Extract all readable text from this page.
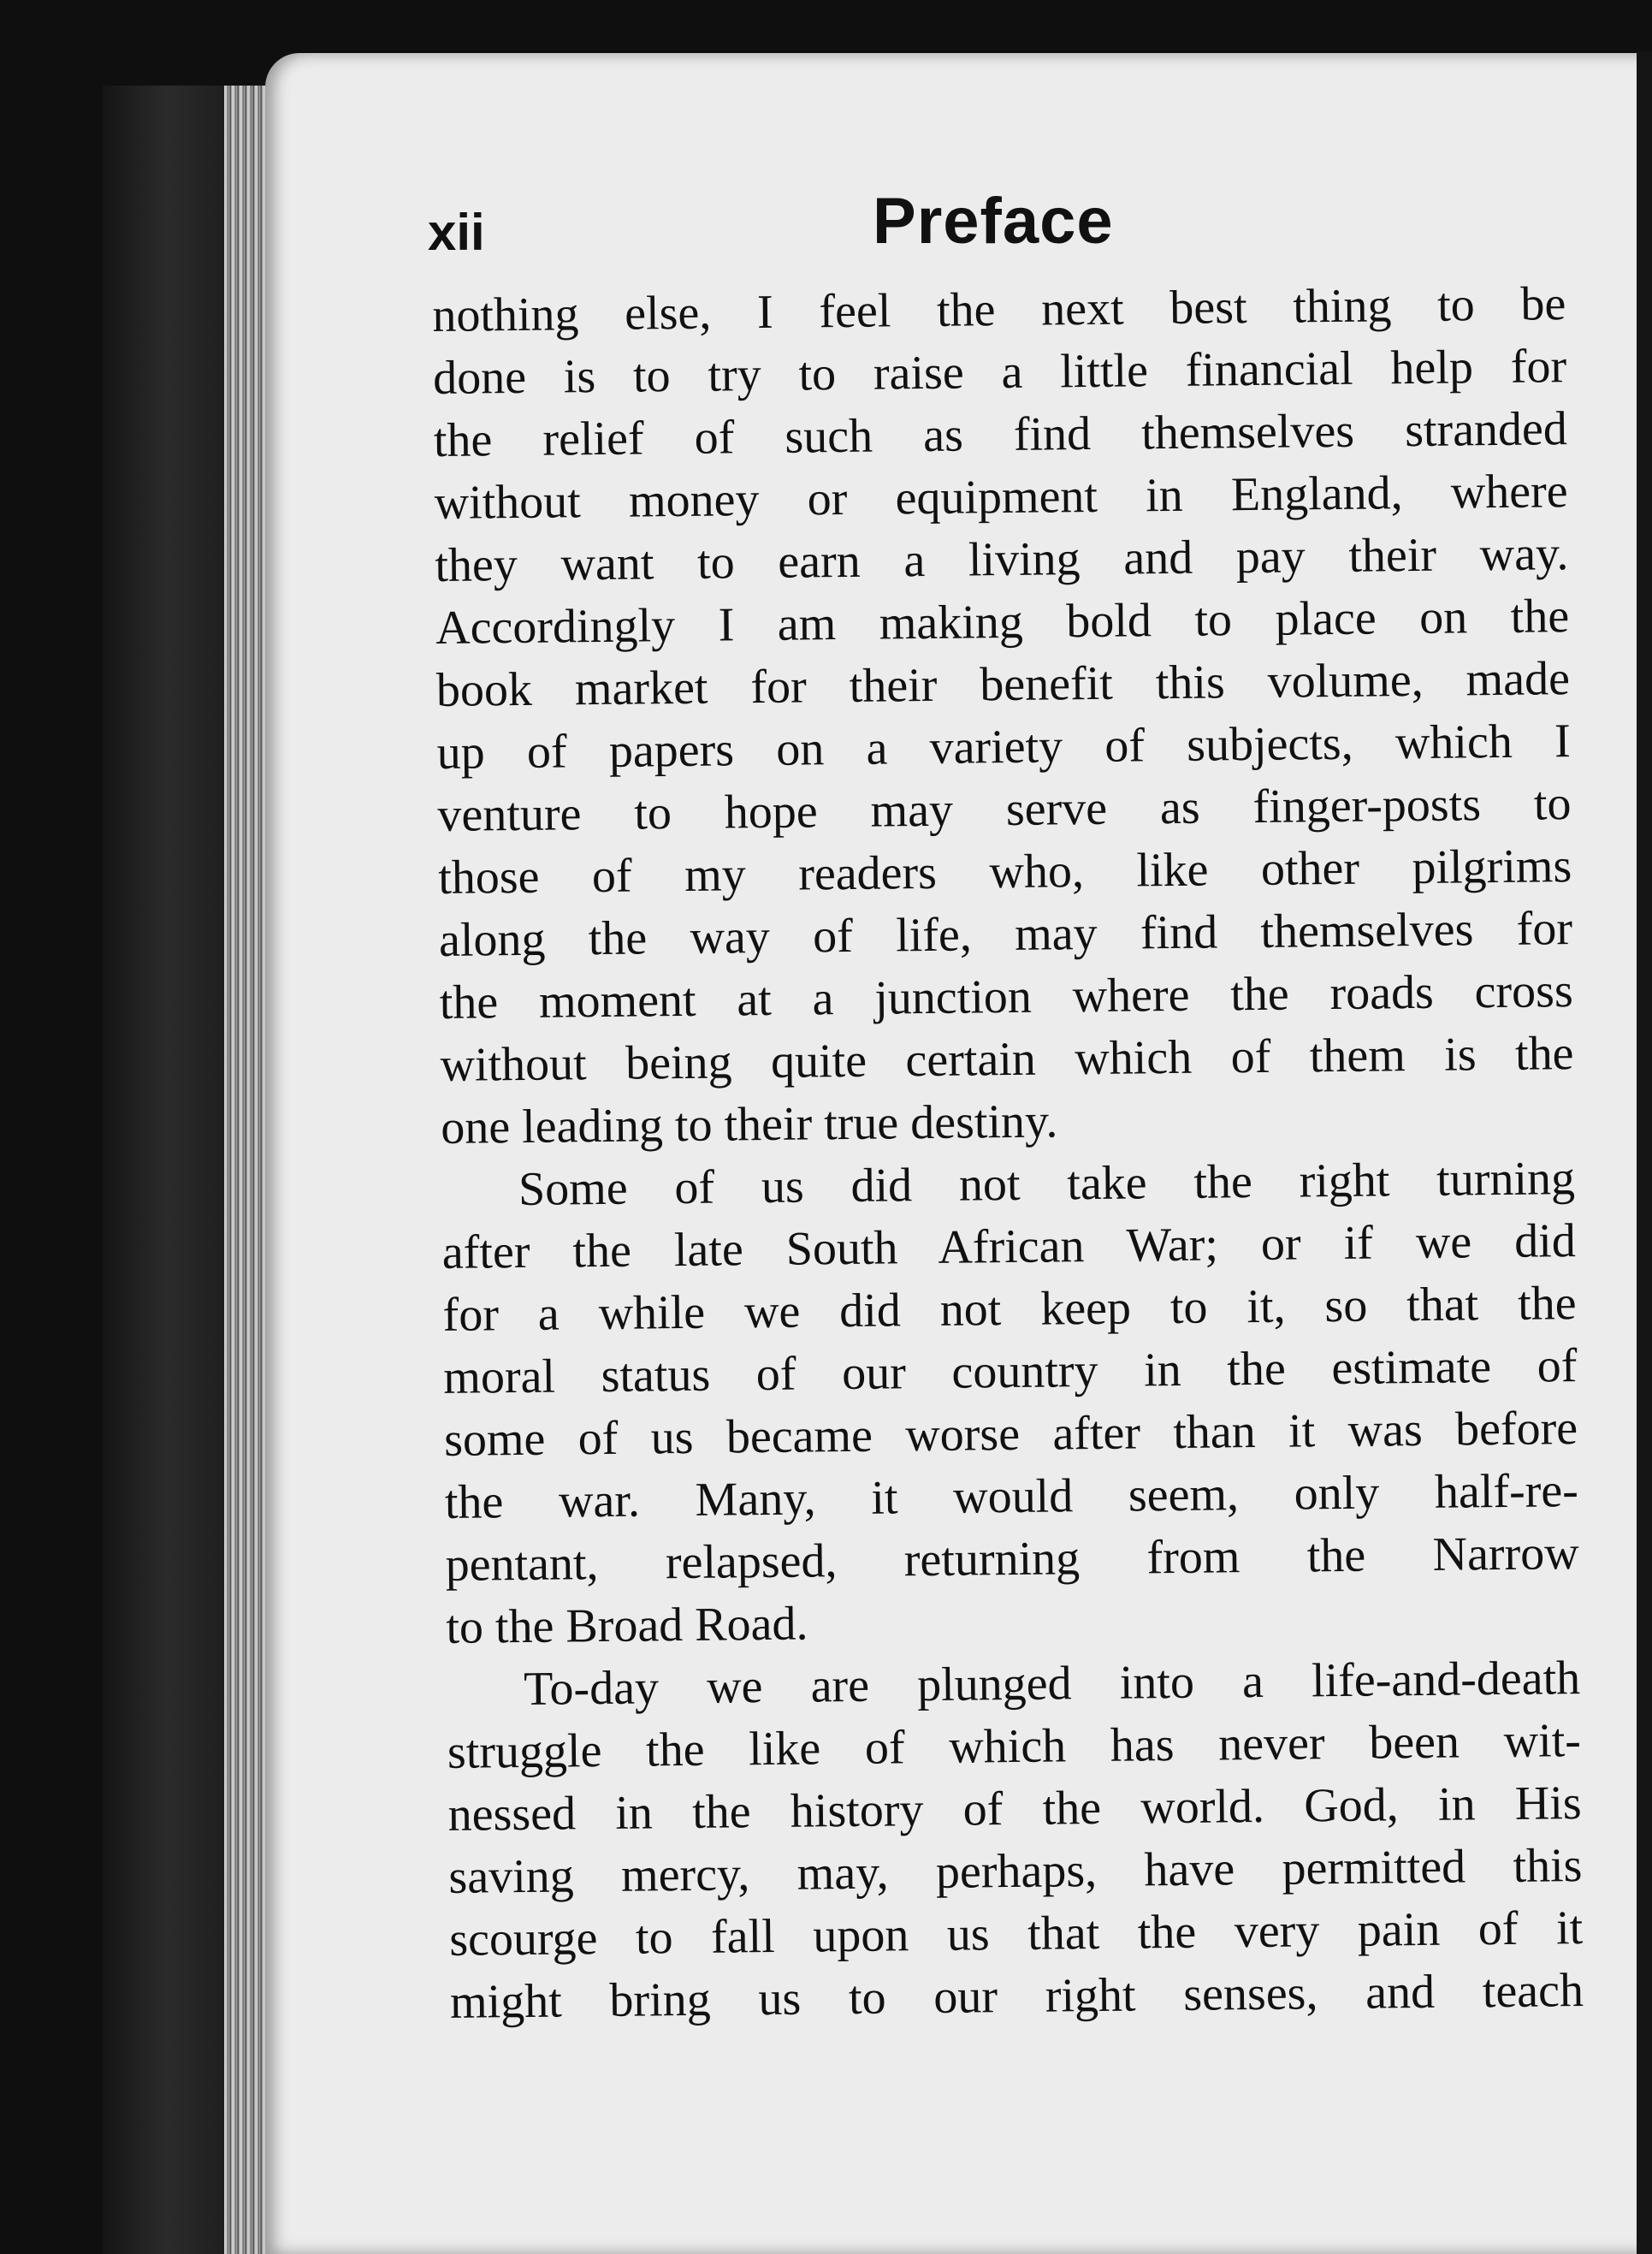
xii	Preface
nothing else, I feel the next best thing to be
done is to try to raise a little financial help for
the relief of such as find themselves stranded
without money or equipment in England, where
they want to earn a living and pay their way.
Accordingly I am making bold to place on the
book market for their benefit this volume, made
up of papers on a variety of subjects, which I
venture to hope may serve as finger-posts to
those of my readers who, like other pilgrims
along the way of life, may find themselves for
the moment at a junction where the roads cross
without being quite certain which of them is the
one leading to their true destiny.
Some of us did not take the right turning
after the late South African War; or if we did
for a while we did not keep to it, so that the
moral status of our country in the estimate of
some of us became worse after than it was before
the war. Many, it would seem, only half-re-
pentant, relapsed, returning from the Narrow
to the Broad Road.
To-day we are plunged into a life-and-death
struggle the like of which has never been wit-
nessed in the history of the world. God, in His
saving mercy, may, perhaps, have permitted this
scourge to fall upon us that the very pain of it
might bring us to our right senses, and teach
